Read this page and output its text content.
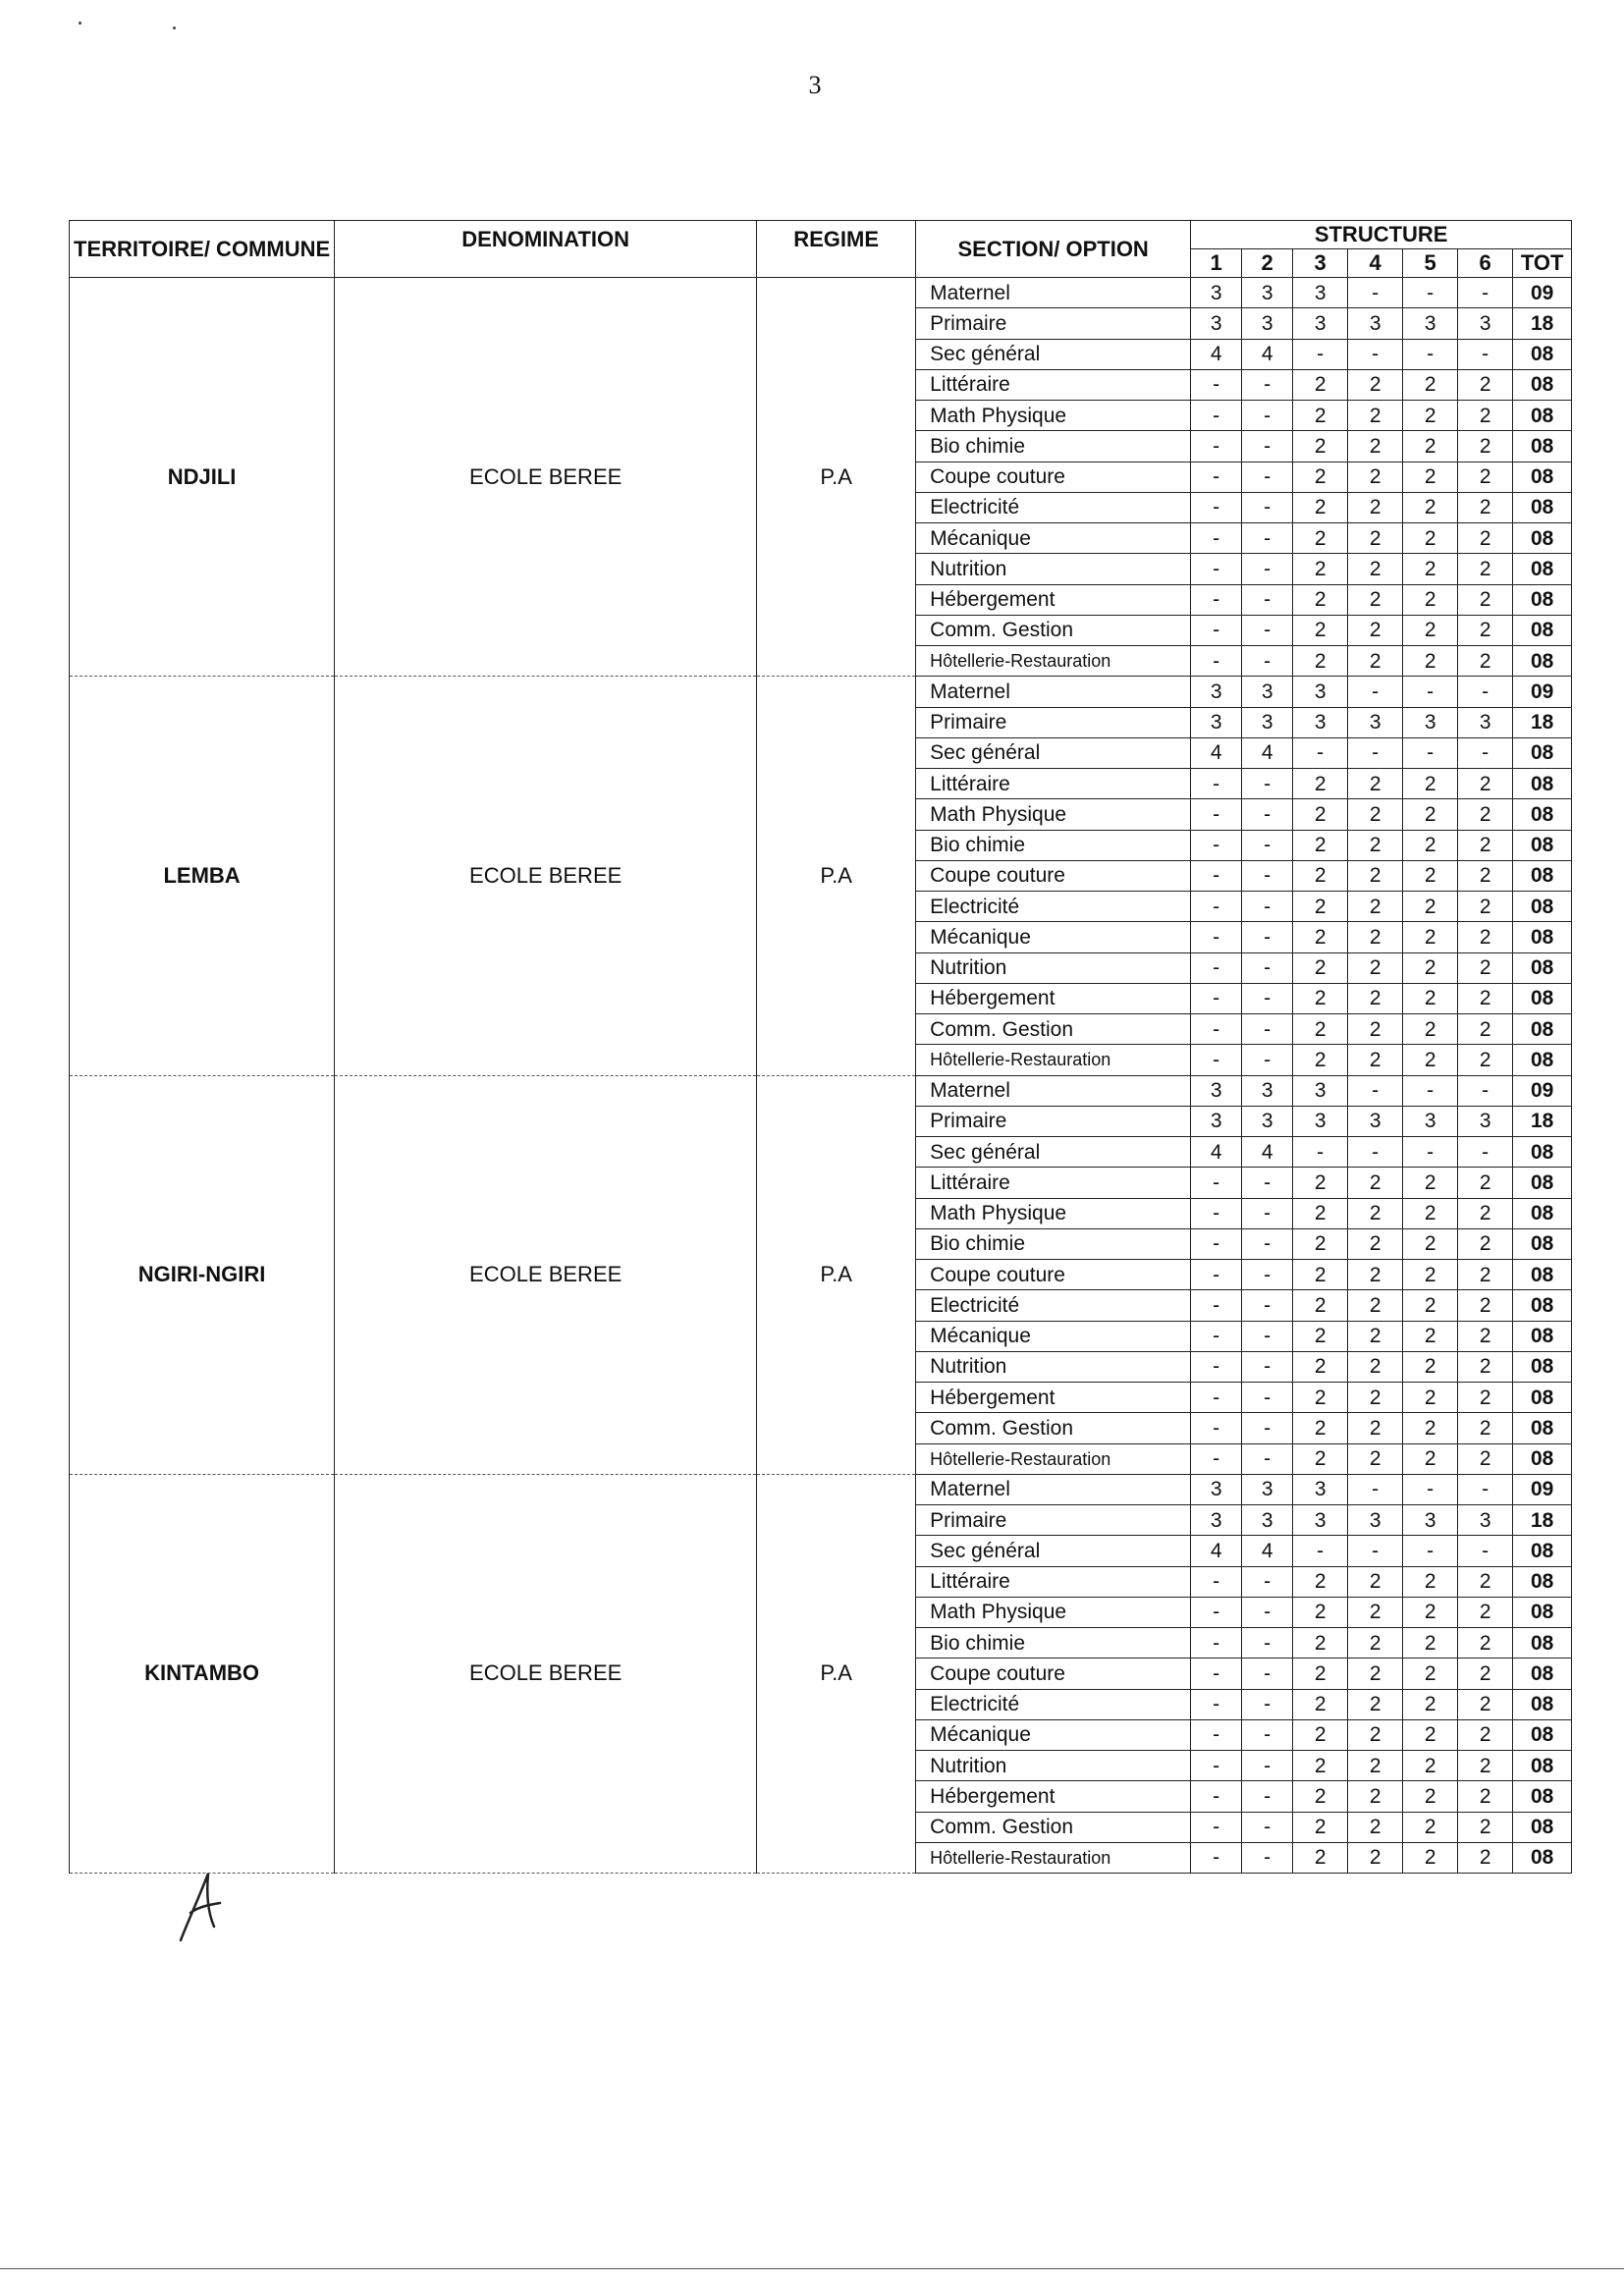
3
TERRITOIRE/ COMMUNE	DENOMINATION	REGIME	SECTION/ OPTION	STRUCTURE						
				1	2	3	4	5	6	TOT
NDJILI	ECOLE BEREE	P.A	Maternel	3	3	3	-	-	-	09
			Primaire	3	3	3	3	3	3	18
			Sec général	4	4	-	-	-	-	08
			Littéraire	-	-	2	2	2	2	08
			Math Physique	-	-	2	2	2	2	08
			Bio chimie	-	-	2	2	2	2	08
			Coupe couture	-	-	2	2	2	2	08
			Electricité	-	-	2	2	2	2	08
			Mécanique	-	-	2	2	2	2	08
			Nutrition	-	-	2	2	2	2	08
			Hébergement	-	-	2	2	2	2	08
			Comm. Gestion	-	-	2	2	2	2	08
			Hôtellerie-Restauration	-	-	2	2	2	2	08
LEMBA	ECOLE BEREE	P.A	Maternel	3	3	3	-	-	-	09
			Primaire	3	3	3	3	3	3	18
			Sec général	4	4	-	-	-	-	08
			Littéraire	-	-	2	2	2	2	08
			Math Physique	-	-	2	2	2	2	08
			Bio chimie	-	-	2	2	2	2	08
			Coupe couture	-	-	2	2	2	2	08
			Electricité	-	-	2	2	2	2	08
			Mécanique	-	-	2	2	2	2	08
			Nutrition	-	-	2	2	2	2	08
			Hébergement	-	-	2	2	2	2	08
			Comm. Gestion	-	-	2	2	2	2	08
			Hôtellerie-Restauration	-	-	2	2	2	2	08
NGIRI-NGIRI	ECOLE BEREE	P.A	Maternel	3	3	3	-	-	-	09
			Primaire	3	3	3	3	3	3	18
			Sec général	4	4	-	-	-	-	08
			Littéraire	-	-	2	2	2	2	08
			Math Physique	-	-	2	2	2	2	08
			Bio chimie	-	-	2	2	2	2	08
			Coupe couture	-	-	2	2	2	2	08
			Electricité	-	-	2	2	2	2	08
			Mécanique	-	-	2	2	2	2	08
			Nutrition	-	-	2	2	2	2	08
			Hébergement	-	-	2	2	2	2	08
			Comm. Gestion	-	-	2	2	2	2	08
			Hôtellerie-Restauration	-	-	2	2	2	2	08
KINTAMBO	ECOLE BEREE	P.A	Maternel	3	3	3	-	-	-	09
			Primaire	3	3	3	3	3	3	18
			Sec général	4	4	-	-	-	-	08
			Littéraire	-	-	2	2	2	2	08
			Math Physique	-	-	2	2	2	2	08
			Bio chimie	-	-	2	2	2	2	08
			Coupe couture	-	-	2	2	2	2	08
			Electricité	-	-	2	2	2	2	08
			Mécanique	-	-	2	2	2	2	08
			Nutrition	-	-	2	2	2	2	08
			Hébergement	-	-	2	2	2	2	08
			Comm. Gestion	-	-	2	2	2	2	08
			Hôtellerie-Restauration	-	-	2	2	2	2	08
